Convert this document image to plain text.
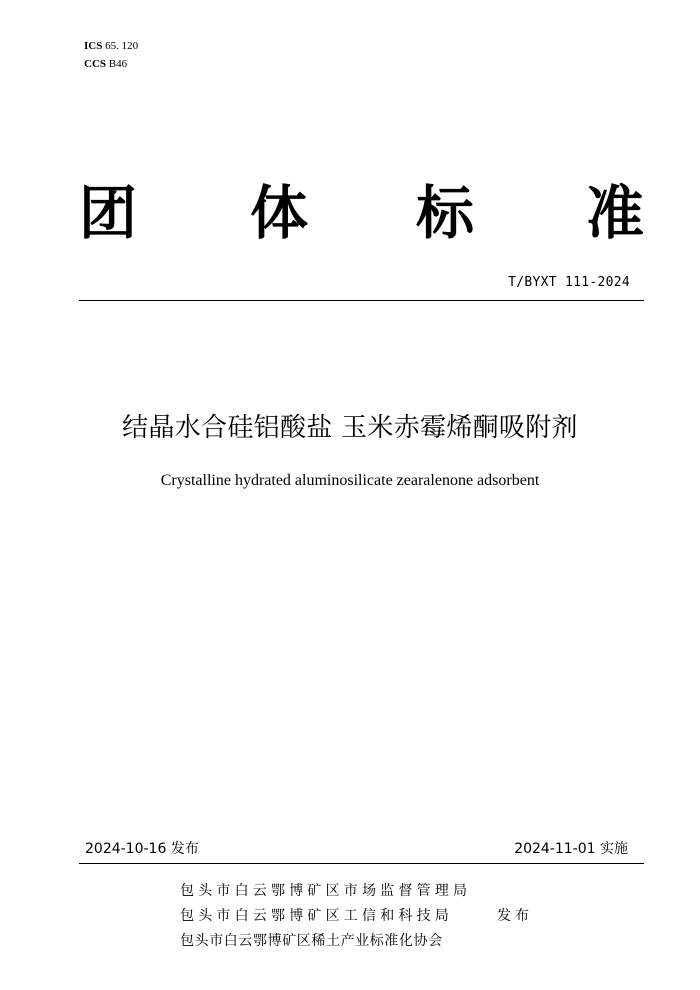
ICS 65. 120
CCS B46
团 体 标 准
T/BYXT 111-2024
结晶水合硅铝酸盐 玉米赤霉烯酮吸附剂
Crystalline hydrated aluminosilicate zearalenone adsorbent
2024-10-16 发布	2024-11-01 实施
包头市白云鄂博矿区市场监督管理局
包头市白云鄂博矿区工信和科技局
包头市白云鄂博矿区稀土产业标准化协会
发布
